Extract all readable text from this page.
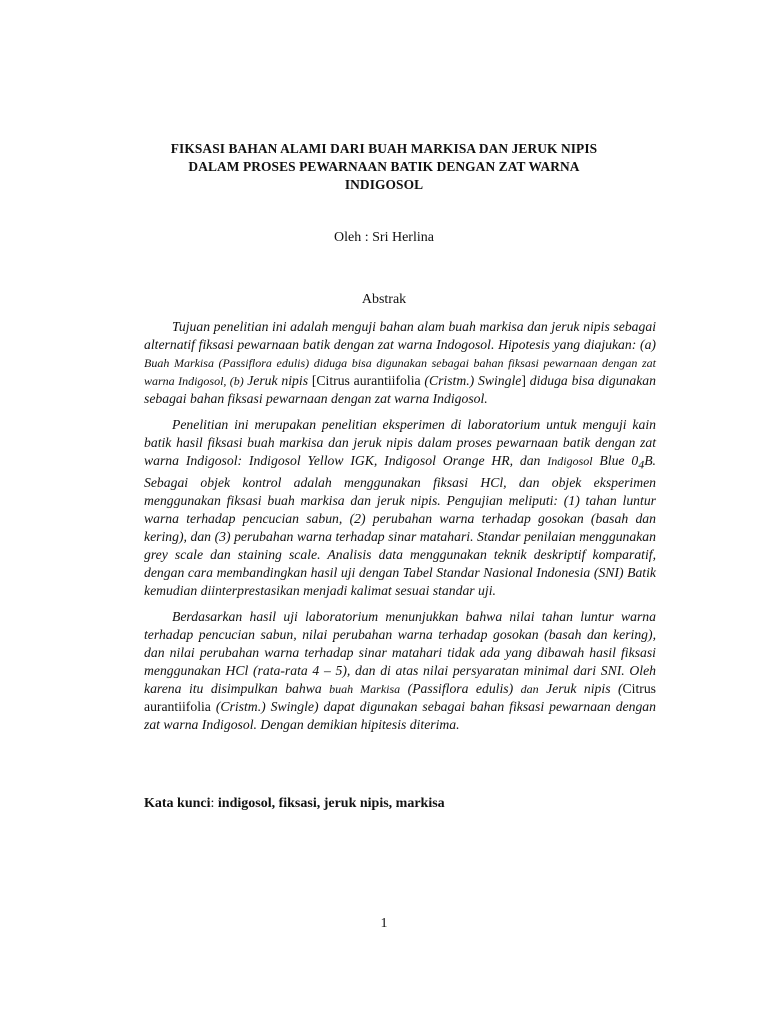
FIKSASI BAHAN ALAMI DARI BUAH MARKISA DAN JERUK NIPIS
DALAM PROSES PEWARNAAN BATIK DENGAN ZAT WARNA
INDIGOSOL
Oleh : Sri Herlina
Abstrak

Tujuan penelitian ini adalah menguji bahan alam buah markisa dan jeruk nipis sebagai alternatif fiksasi pewarnaan batik dengan zat warna Indogosol. Hipotesis yang diajukan: (a) Buah Markisa (Passiflora edulis) diduga bisa digunakan sebagai bahan fiksasi pewarnaan dengan zat warna Indigosol, (b) Jeruk nipis [Citrus aurantiifolia (Cristm.) Swingle] diduga bisa digunakan sebagai bahan fiksasi pewarnaan dengan zat warna Indigosol.

Penelitian ini merupakan penelitian eksperimen di laboratorium untuk menguji kain batik hasil fiksasi buah markisa dan jeruk nipis dalam proses pewarnaan batik dengan zat warna Indigosol: Indigosol Yellow IGK, Indigosol Orange HR, dan Indigosol Blue $0_4B$. Sebagai objek kontrol adalah menggunakan fiksasi HCl, dan objek eksperimen menggunakan fiksasi buah markisa dan jeruk nipis. Pengujian meliputi: (1) tahan luntur warna terhadap pencucian sabun, (2) perubahan warna terhadap gosokan (basah dan kering), dan (3) perubahan warna terhadap sinar matahari. Standar penilaian menggunakan grey scale dan staining scale. Analisis data menggunakan teknik deskriptif komparatif, dengan cara membandingkan hasil uji dengan Tabel Standar Nasional Indonesia (SNI) Batik kemudian diinterprestasikan menjadi kalimat sesuai standar uji.

Berdasarkan hasil uji laboratorium menunjukkan bahwa nilai tahan luntur warna terhadap pencucian sabun, nilai perubahan warna terhadap gosokan (basah dan kering), dan nilai perubahan warna terhadap sinar matahari tidak ada yang dibawah hasil fiksasi menggunakan HCl (rata-rata 4 – 5), dan di atas nilai persyaratan minimal dari SNI. Oleh karena itu disimpulkan bahwa buah Markisa (Passiflora edulis) dan Jeruk nipis (Citrus aurantiifolia (Cristm.) Swingle) dapat digunakan sebagai bahan fiksasi pewarnaan dengan zat warna Indigosol. Dengan demikian hipitesis diterima.

Kata kunci: indigosol, fiksasi, jeruk nipis, markisa
1
